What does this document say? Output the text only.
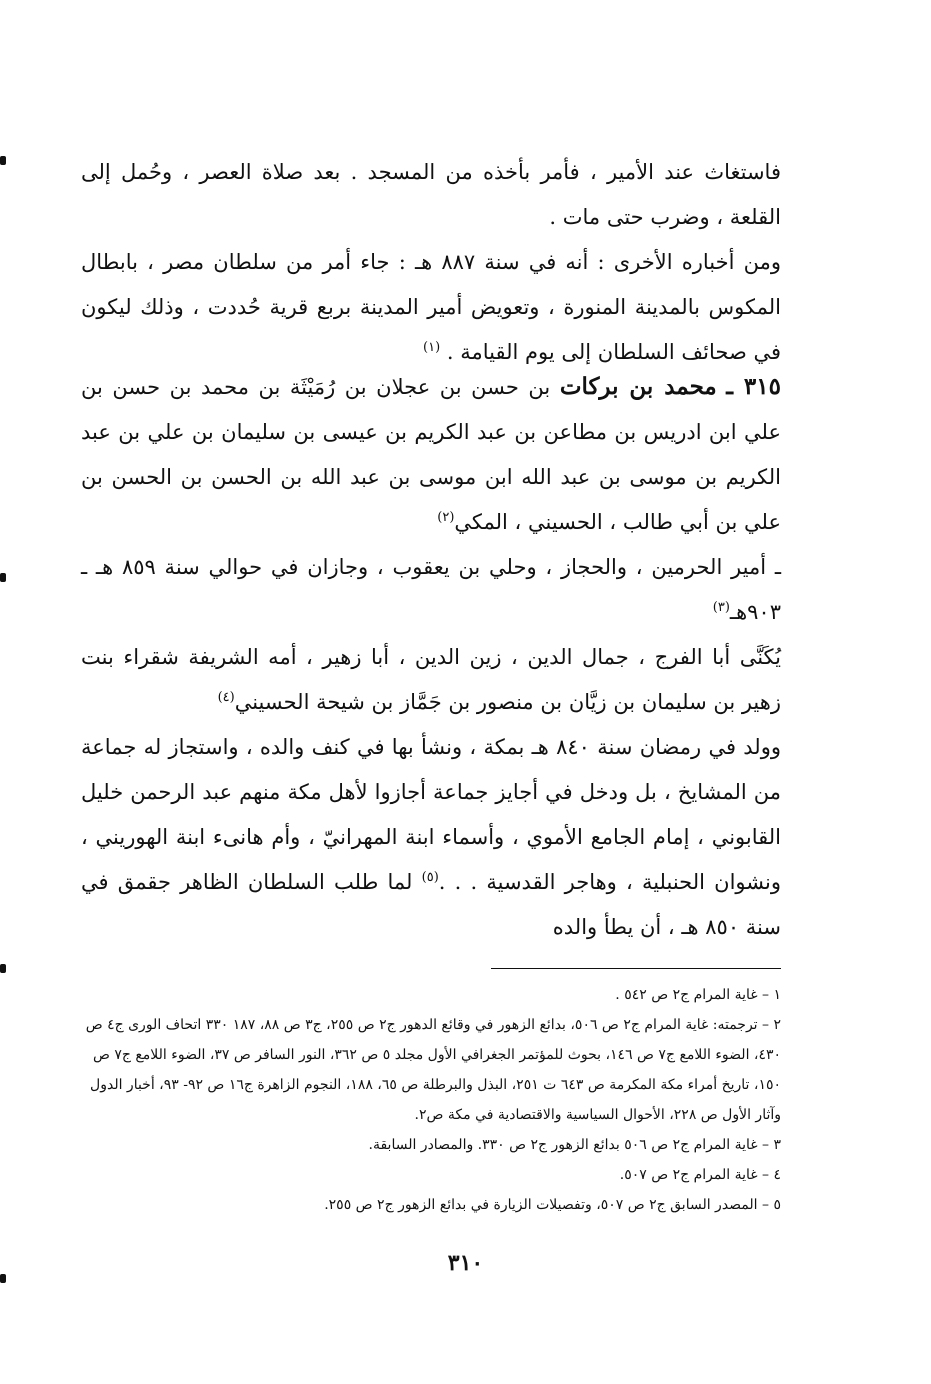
فاستغاث عند الأمير ، فأمر بأخذه من المسجد . بعد صلاة العصر ، وحُمل إلى القلعة ، وضرب حتى مات .

ومن أخباره الأخرى : أنه في سنة ٨٨٧ هـ : جاء أمر من سلطان مصر ، بابطال المكوس بالمدينة المنورة ، وتعويض أمير المدينة بربع قرية حُددت ، وذلك ليكون في صحائف السلطان إلى يوم القيامة . $^{(١)}$

٣١٥ ـ محمد بن بركات بن حسن بن عجلان بن رُمَيْثَة بن محمد بن حسن بن علي ابن ادريس بن مطاعن بن عبد الكريم بن عيسى بن سليمان بن علي بن عبد الكريم بن موسى بن عبد الله ابن موسى بن عبد الله بن الحسن بن الحسن بن علي بن أبي طالب ، الحسيني ، المكي$^{(٢)}$

ـ أمير الحرمين ، والحجاز ، وحلي بن يعقوب ، وجازان في حوالي سنة ٨٥٩ هـ ـ ٩٠٣هـ$^{(٣)}$

يُكَنَّى أبا الفرج ، جمال الدين ، زين الدين ، أبا زهير ، أمه الشريفة شقراء بنت زهير بن سليمان بن زيَّان بن منصور بن جَمَّاز بن شيحة الحسيني$^{(٤)}$

وولد في رمضان سنة ٨٤٠ هـ بمكة ، ونشأ بها في كنف والده ، واستجاز له جماعة من المشايخ ، بل ودخل في أجايز جماعة أجازوا لأهل مكة منهم عبد الرحمن خليل القابوني ، إمام الجامع الأموي ، وأسماء ابنة المهرانيّ ، وأم هانىء ابنة الهوريني ، ونشوان الحنبلية ، وهاجر القدسية . . .$^{(٥)}$ لما طلب السلطان الظاهر جقمق في سنة ٨٥٠ هـ ، أن يطأ والده

١ – غاية المرام ج٢ ص ٥٤٢ .

٢ – ترجمته: غاية المرام ج٢ ص ٥٠٦، بدائع الزهور في وقائع الدهور ج٢ ص ٢٥٥، ج٣ ص ٨٨، ١٨٧ ٣٣٠ اتحاف الورى ج٤ ص ٤٣٠، الضوء اللامع ج٧ ص ١٤٦، بحوث للمؤتمر الجغرافي الأول مجلد ٥ ص ٣٦٢، النور السافر ص ٣٧، الضوء اللامع ج٧ ص ١٥٠، تاريخ أمراء مكة المكرمة ص ٦٤٣ ت ٢٥١، البذل والبرطلة ص ٦٥، ١٨٨، النجوم الزاهرة ج١٦ ص ٩٢- ٩٣، أخبار الدول وآثار الأول ص ٢٢٨، الأحوال السياسية والاقتصادية في مكة ص٢.

٣ – غاية المرام ج٢ ص ٥٠٦ بدائع الزهور ج٢ ص ٣٣٠. والمصادر السابقة.

٤ – غاية المرام ج٢ ص ٥٠٧.

٥ – المصدر السابق ج٢ ص ٥٠٧، وتفصيلات الزيارة في بدائع الزهور ج٢ ص ٢٥٥.

٣١٠
